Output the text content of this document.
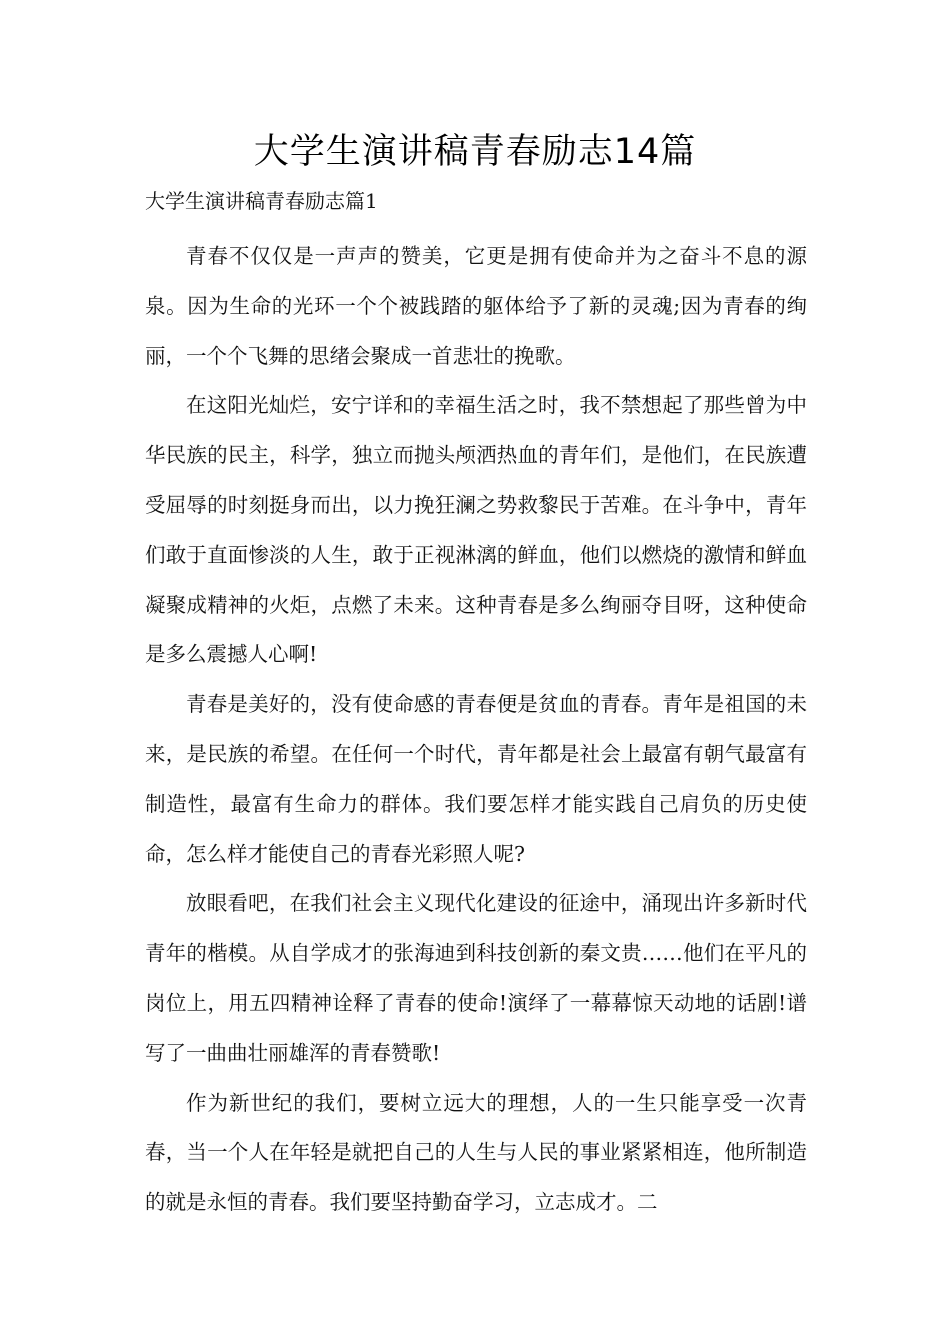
大学生演讲稿青春励志14篇
大学生演讲稿青春励志篇1

青春不仅仅是一声声的赞美，它更是拥有使命并为之奋斗不息的源泉。因为生命的光环一个个被践踏的躯体给予了新的灵魂;因为青春的绚丽，一个个飞舞的思绪会聚成一首悲壮的挽歌。

在这阳光灿烂，安宁详和的幸福生活之时，我不禁想起了那些曾为中华民族的民主，科学，独立而抛头颅洒热血的青年们，是他们，在民族遭受屈辱的时刻挺身而出，以力挽狂澜之势救黎民于苦难。在斗争中，青年们敢于直面惨淡的人生，敢于正视淋漓的鲜血，他们以燃烧的激情和鲜血凝聚成精神的火炬，点燃了未来。这种青春是多么绚丽夺目呀，这种使命是多么震撼人心啊!

青春是美好的，没有使命感的青春便是贫血的青春。青年是祖国的未来，是民族的希望。在任何一个时代，青年都是社会上最富有朝气最富有制造性，最富有生命力的群体。我们要怎样才能实践自己肩负的历史使命，怎么样才能使自己的青春光彩照人呢?

放眼看吧，在我们社会主义现代化建设的征途中，涌现出许多新时代青年的楷模。从自学成才的张海迪到科技创新的秦文贵……他们在平凡的岗位上，用五四精神诠释了青春的使命!演绎了一幕幕惊天动地的话剧!谱写了一曲曲壮丽雄浑的青春赞歌!

作为新世纪的我们，要树立远大的理想，人的一生只能享受一次青春，当一个人在年轻是就把自己的人生与人民的事业紧紧相连，他所制造的就是永恒的青春。我们要坚持勤奋学习，立志成才。二
